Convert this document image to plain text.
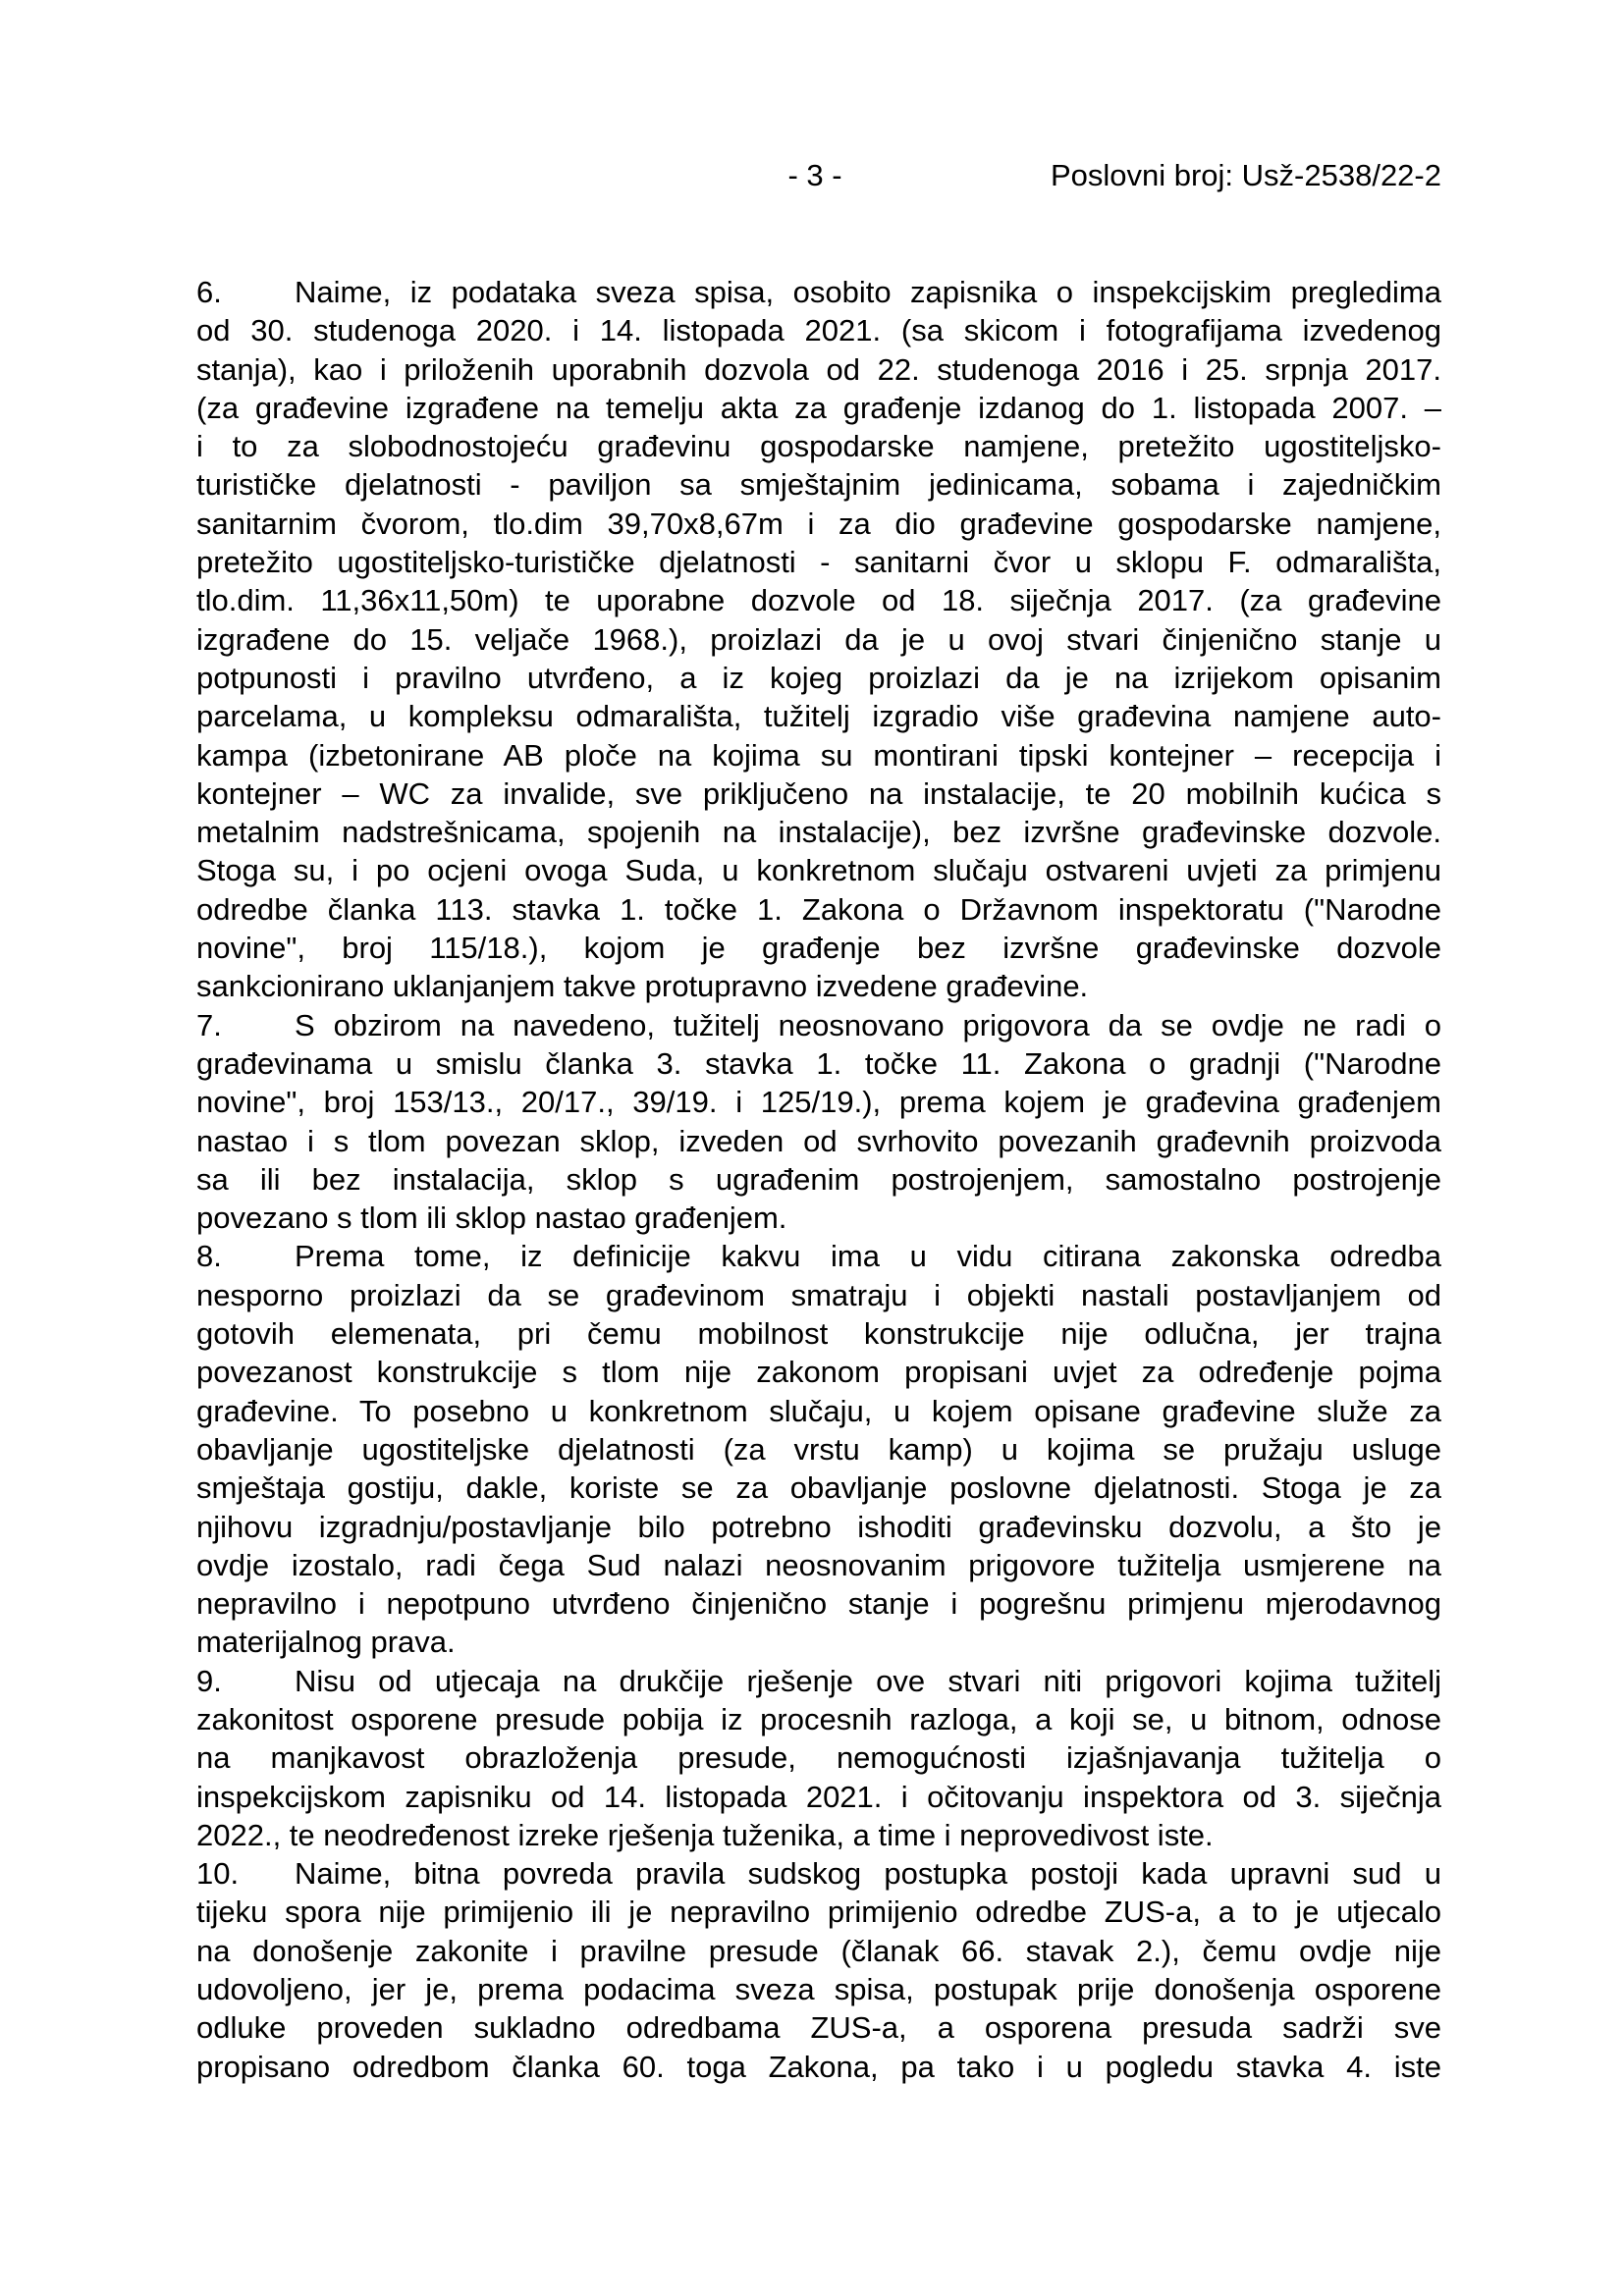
- 3 -	Poslovni broj: Usž-2538/22-2
6. Naime, iz podataka sveza spisa, osobito zapisnika o inspekcijskim pregledima
od 30. studenoga 2020. i 14. listopada 2021. (sa skicom i fotografijama izvedenog
stanja), kao i priloženih uporabnih dozvola od 22. studenoga 2016 i 25. srpnja 2017.
(za građevine izgrađene na temelju akta za građenje izdanog do 1. listopada 2007. –
i to za slobodnostojeću građevinu gospodarske namjene, pretežito ugostiteljsko-
turističke djelatnosti - paviljon sa smještajnim jedinicama, sobama i zajedničkim
sanitarnim čvorom, tlo.dim 39,70x8,67m i za dio građevine gospodarske namjene,
pretežito ugostiteljsko-turističke djelatnosti - sanitarni čvor u sklopu F. odmarališta,
tlo.dim. 11,36x11,50m) te uporabne dozvole od 18. siječnja 2017. (za građevine
izgrađene do 15. veljače 1968.), proizlazi da je u ovoj stvari činjenično stanje u
potpunosti i pravilno utvrđeno, a iz kojeg proizlazi da je na izrijekom opisanim
parcelama, u kompleksu odmarališta, tužitelj izgradio više građevina namjene auto-
kampa (izbetonirane AB ploče na kojima su montirani tipski kontejner – recepcija i
kontejner – WC za invalide, sve priključeno na instalacije, te 20 mobilnih kućica s
metalnim nadstrešnicama, spojenih na instalacije), bez izvršne građevinske dozvole.
Stoga su, i po ocjeni ovoga Suda, u konkretnom slučaju ostvareni uvjeti za primjenu
odredbe članka 113. stavka 1. točke 1. Zakona o Državnom inspektoratu ("Narodne
novine", broj 115/18.), kojom je građenje bez izvršne građevinske dozvole
sankcionirano uklanjanjem takve protupravno izvedene građevine.
7. S obzirom na navedeno, tužitelj neosnovano prigovora da se ovdje ne radi o
građevinama u smislu članka 3. stavka 1. točke 11. Zakona o gradnji ("Narodne
novine", broj 153/13., 20/17., 39/19. i 125/19.), prema kojem je građevina građenjem
nastao i s tlom povezan sklop, izveden od svrhovito povezanih građevnih proizvoda
sa ili bez instalacija, sklop s ugrađenim postrojenjem, samostalno postrojenje
povezano s tlom ili sklop nastao građenjem.
8. Prema tome, iz definicije kakvu ima u vidu citirana zakonska odredba
nesporno proizlazi da se građevinom smatraju i objekti nastali postavljanjem od
gotovih elemenata, pri čemu mobilnost konstrukcije nije odlučna, jer trajna
povezanost konstrukcije s tlom nije zakonom propisani uvjet za određenje pojma
građevine. To posebno u konkretnom slučaju, u kojem opisane građevine služe za
obavljanje ugostiteljske djelatnosti (za vrstu kamp) u kojima se pružaju usluge
smještaja gostiju, dakle, koriste se za obavljanje poslovne djelatnosti. Stoga je za
njihovu izgradnju/postavljanje bilo potrebno ishoditi građevinsku dozvolu, a što je
ovdje izostalo, radi čega Sud nalazi neosnovanim prigovore tužitelja usmjerene na
nepravilno i nepotpuno utvrđeno činjenično stanje i pogrešnu primjenu mjerodavnog
materijalnog prava.
9. Nisu od utjecaja na drukčije rješenje ove stvari niti prigovori kojima tužitelj
zakonitost osporene presude pobija iz procesnih razloga, a koji se, u bitnom, odnose
na manjkavost obrazloženja presude, nemogućnosti izjašnjavanja tužitelja o
inspekcijskom zapisniku od 14. listopada 2021. i očitovanju inspektora od 3. siječnja
2022., te neodređenost izreke rješenja tuženika, a time i neprovedivost iste.
10. Naime, bitna povreda pravila sudskog postupka postoji kada upravni sud u
tijeku spora nije primijenio ili je nepravilno primijenio odredbe ZUS-a, a to je utjecalo
na donošenje zakonite i pravilne presude (članak 66. stavak 2.), čemu ovdje nije
udovoljeno, jer je, prema podacima sveza spisa, postupak prije donošenja osporene
odluke proveden sukladno odredbama ZUS-a, a osporena presuda sadrži sve
propisano odredbom članka 60. toga Zakona, pa tako i u pogledu stavka 4. iste
